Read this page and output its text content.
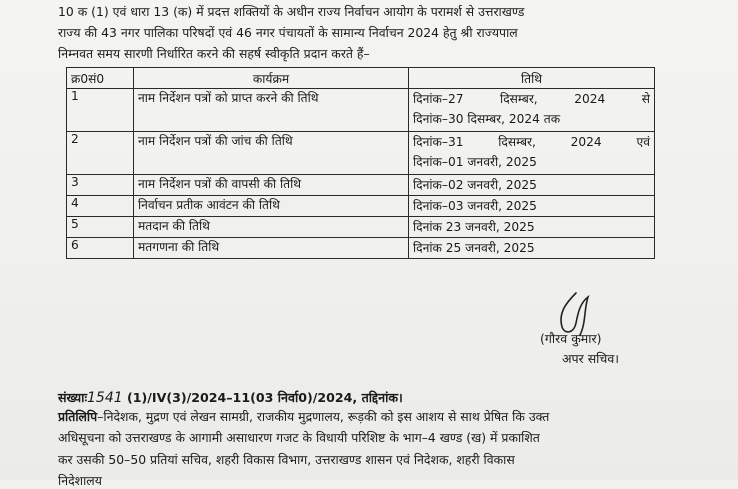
10 क (1) एवं धारा 13 (क) में प्रदत्त शक्तियों के अधीन राज्य निर्वाचन आयोग के परामर्श से उत्तराखण्ड
राज्य की 43 नगर पालिका परिषदों एवं 46 नगर पंचायतों के सामान्य निर्वाचन 2024 हेतु श्री राज्यपाल
निम्नवत समय सारणी निर्धारित करने की सहर्ष स्वीकृति प्रदान करते हैं–
क्र0सं0	कार्यक्रम	तिथि
1	नाम निर्देशन पत्रों को प्राप्त करने की तिथि	दिनांक–27 दिसम्बर, 2024 से
दिनांक–30 दिसम्बर, 2024 तक

2	नाम निर्देशन पत्रों की जांच की तिथि	दिनांक–31 दिसम्बर, 2024 एवं
दिनांक–01 जनवरी, 2025

3	नाम निर्देशन पत्रों की वापसी की तिथि	दिनांक–02 जनवरी, 2025
4	निर्वाचन प्रतीक आवंटन की तिथि	दिनांक–03 जनवरी, 2025
5	मतदान की तिथि	दिनांक 23 जनवरी, 2025
6	मतगणना की तिथि	दिनांक 25 जनवरी, 2025
(गौरव कुमार)
अपर सचिव।
संख्याः1541 (1)/IV(3)/2024–11(03 निर्वा0)/2024, तद्दिनांक।
प्रतिलिपि–निदेशक, मुद्रण एवं लेखन सामग्री, राजकीय मुद्रणालय, रूड़की को इस आशय से साथ प्रेषित कि उक्त
अधिसूचना को उत्तराखण्ड के आगामी असाधारण गजट के विधायी परिशिष्ट के भाग–4 खण्ड (ख) में प्रकाशित
कर उसकी 50–50 प्रतियां सचिव, शहरी विकास विभाग, उत्तराखण्ड शासन एवं निदेशक, शहरी विकास
निदेशालय
